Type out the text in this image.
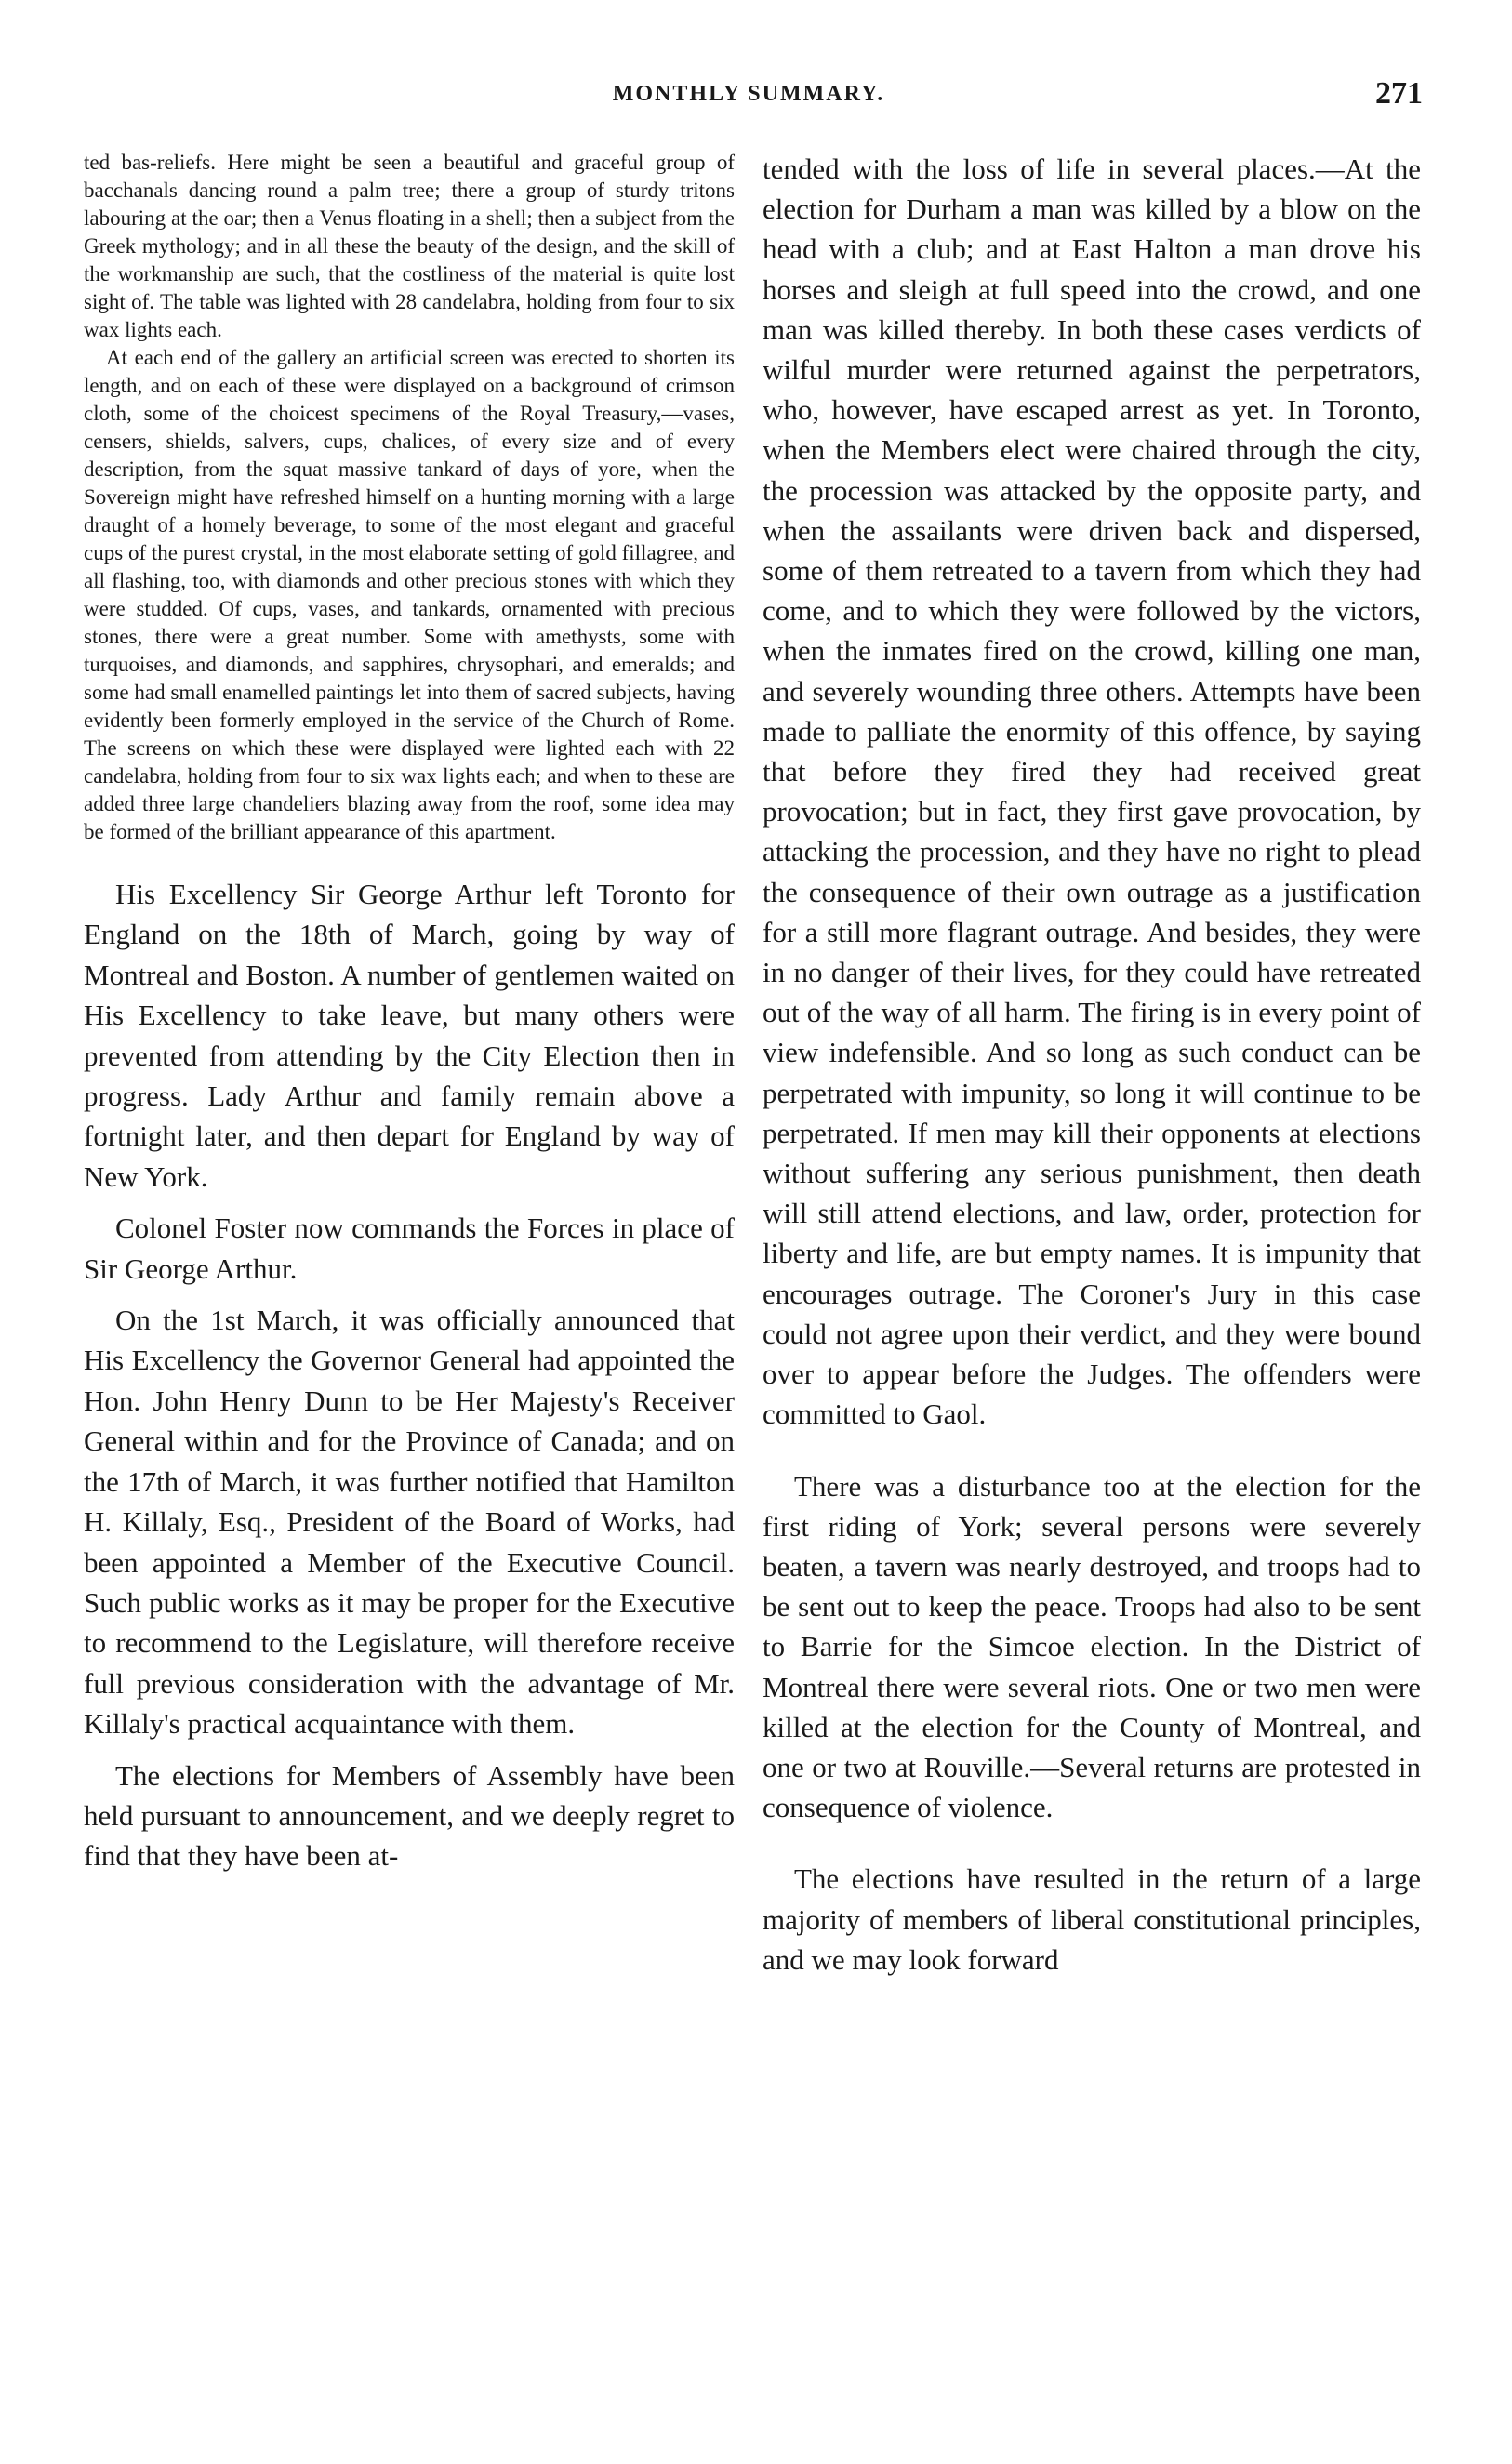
MONTHLY SUMMARY.	271

ted bas-reliefs. Here might be seen a beautiful and graceful group of bacchanals dancing round a palm tree; there a group of sturdy tritons labouring at the oar; then a Venus floating in a shell; then a subject from the Greek mythology; and in all these the beauty of the design, and the skill of the workmanship are such, that the costliness of the material is quite lost sight of. The table was lighted with 28 candelabra, holding from four to six wax lights each.

At each end of the gallery an artificial screen was erected to shorten its length, and on each of these were displayed on a background of crimson cloth, some of the choicest specimens of the Royal Treasury,—vases, censers, shields, salvers, cups, chalices, of every size and of every description, from the squat massive tankard of days of yore, when the Sovereign might have refreshed himself on a hunting morning with a large draught of a homely beverage, to some of the most elegant and graceful cups of the purest crystal, in the most elaborate setting of gold fillagree, and all flashing, too, with diamonds and other precious stones with which they were studded. Of cups, vases, and tankards, ornamented with precious stones, there were a great number. Some with amethysts, some with turquoises, and diamonds, and sapphires, chrysophari, and emeralds; and some had small enamelled paintings let into them of sacred subjects, having evidently been formerly employed in the service of the Church of Rome. The screens on which these were displayed were lighted each with 22 candelabra, holding from four to six wax lights each; and when to these are added three large chandeliers blazing away from the roof, some idea may be formed of the brilliant appearance of this apartment.

His Excellency Sir George Arthur left Toronto for England on the 18th of March, going by way of Montreal and Boston. A number of gentlemen waited on His Excellency to take leave, but many others were prevented from attending by the City Election then in progress. Lady Arthur and family remain above a fortnight later, and then depart for England by way of New York.

Colonel Foster now commands the Forces in place of Sir George Arthur.

On the 1st March, it was officially announced that His Excellency the Governor General had appointed the Hon. John Henry Dunn to be Her Majesty's Receiver General within and for the Province of Canada; and on the 17th of March, it was further notified that Hamilton H. Killaly, Esq., President of the Board of Works, had been appointed a Member of the Executive Council. Such public works as it may be proper for the Executive to recommend to the Legislature, will therefore receive full previous consideration with the advantage of Mr. Killaly's practical acquaintance with them.

The elections for Members of Assembly have been held pursuant to announcement, and we deeply regret to find that they have been at-

tended with the loss of life in several places.—At the election for Durham a man was killed by a blow on the head with a club; and at East Halton a man drove his horses and sleigh at full speed into the crowd, and one man was killed thereby. In both these cases verdicts of wilful murder were returned against the perpetrators, who, however, have escaped arrest as yet. In Toronto, when the Members elect were chaired through the city, the procession was attacked by the opposite party, and when the assailants were driven back and dispersed, some of them retreated to a tavern from which they had come, and to which they were followed by the victors, when the inmates fired on the crowd, killing one man, and severely wounding three others. Attempts have been made to palliate the enormity of this offence, by saying that before they fired they had received great provocation; but in fact, they first gave provocation, by attacking the procession, and they have no right to plead the consequence of their own outrage as a justification for a still more flagrant outrage. And besides, they were in no danger of their lives, for they could have retreated out of the way of all harm. The firing is in every point of view indefensible. And so long as such conduct can be perpetrated with impunity, so long it will continue to be perpetrated. If men may kill their opponents at elections without suffering any serious punishment, then death will still attend elections, and law, order, protection for liberty and life, are but empty names. It is impunity that encourages outrage. The Coroner's Jury in this case could not agree upon their verdict, and they were bound over to appear before the Judges. The offenders were committed to Gaol.

There was a disturbance too at the election for the first riding of York; several persons were severely beaten, a tavern was nearly destroyed, and troops had to be sent out to keep the peace. Troops had also to be sent to Barrie for the Simcoe election. In the District of Montreal there were several riots. One or two men were killed at the election for the County of Montreal, and one or two at Rouville.—Several returns are protested in consequence of violence.

The elections have resulted in the return of a large majority of members of liberal constitutional principles, and we may look forward
